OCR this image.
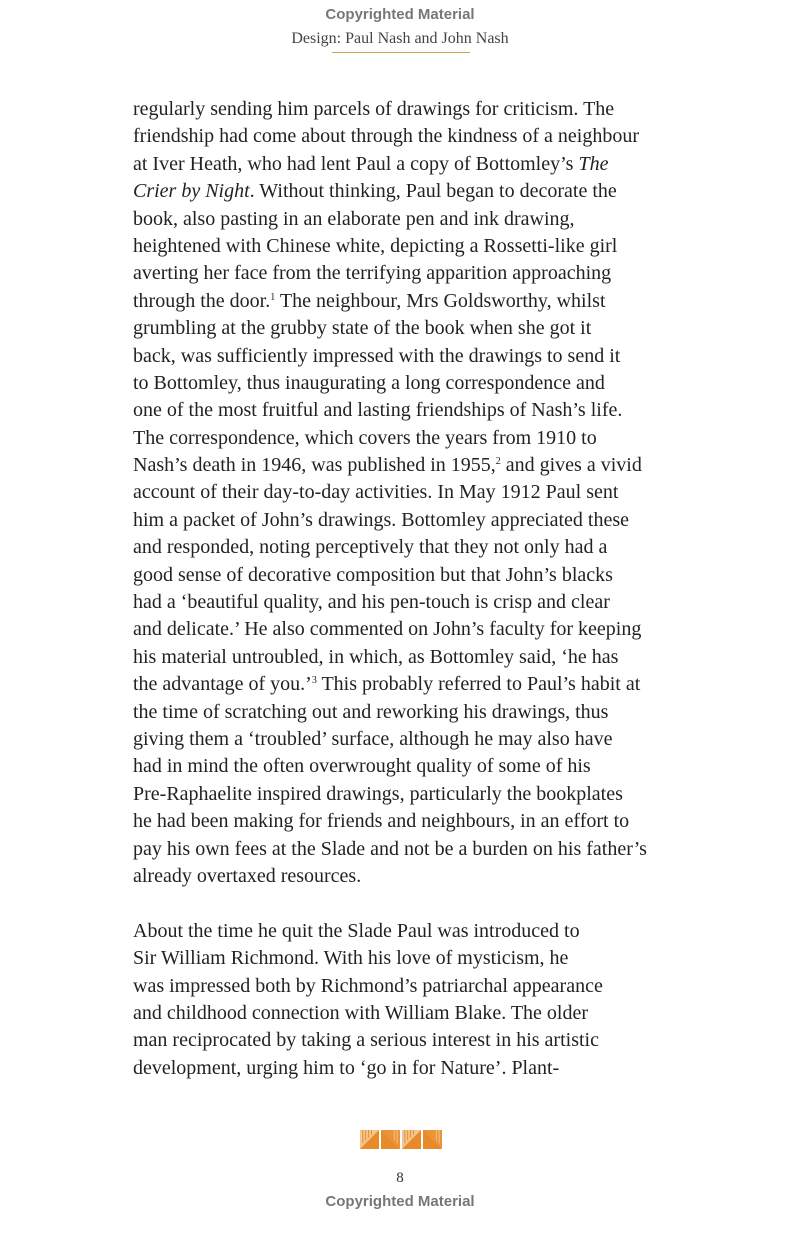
Copyrighted Material
Design: Paul Nash and John Nash
regularly sending him parcels of drawings for criticism. The
friendship had come about through the kindness of a neighbour
at Iver Heath, who had lent Paul a copy of Bottomley’s The
Crier by Night. Without thinking, Paul began to decorate the
book, also pasting in an elaborate pen and ink drawing,
heightened with Chinese white, depicting a Rossetti-like girl
averting her face from the terrifying apparition approaching
through the door.$^1$ The neighbour, Mrs Goldsworthy, whilst
grumbling at the grubby state of the book when she got it
back, was sufficiently impressed with the drawings to send it
to Bottomley, thus inaugurating a long correspondence and
one of the most fruitful and lasting friendships of Nash’s life.
The correspondence, which covers the years from 1910 to
Nash’s death in 1946, was published in 1955,$^2$ and gives a vivid
account of their day-to-day activities. In May 1912 Paul sent
him a packet of John’s drawings. Bottomley appreciated these
and responded, noting perceptively that they not only had a
good sense of decorative composition but that John’s blacks
had a ‘beautiful quality, and his pen-touch is crisp and clear
and delicate.’ He also commented on John’s faculty for keeping
his material untroubled, in which, as Bottomley said, ‘he has
the advantage of you.’$^3$ This probably referred to Paul’s habit at
the time of scratching out and reworking his drawings, thus
giving them a ‘troubled’ surface, although he may also have
had in mind the often overwrought quality of some of his
Pre-Raphaelite inspired drawings, particularly the bookplates
he had been making for friends and neighbours, in an effort to
pay his own fees at the Slade and not be a burden on his father’s
already overtaxed resources.
About the time he quit the Slade Paul was introduced to
Sir William Richmond. With his love of mysticism, he
was impressed both by Richmond’s patriarchal appearance
and childhood connection with William Blake. The older
man reciprocated by taking a serious interest in his artistic
development, urging him to ‘go in for Nature’. Plant-
8
Copyrighted Material
